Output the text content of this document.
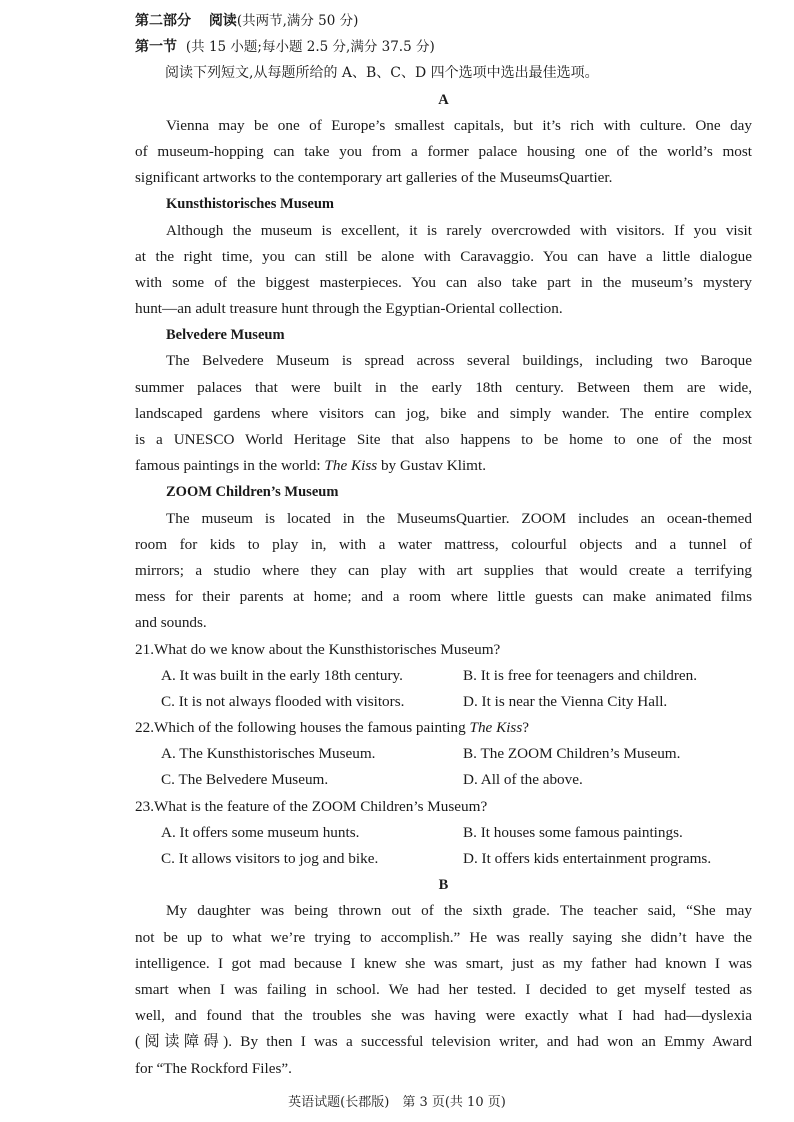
第二部分 阅读(共两节,满分 50 分)
第一节 (共 15 小题;每小题 2.5 分,满分 37.5 分)
阅读下列短文,从每题所给的 A、B、C、D 四个选项中选出最佳选项。
A
Vienna may be one of Europe’s smallest capitals, but it’s rich with culture. One day
of museum-hopping can take you from a former palace housing one of the world’s most
significant artworks to the contemporary art galleries of the MuseumsQuartier.
Kunsthistorisches Museum
Although the museum is excellent, it is rarely overcrowded with visitors. If you visit
at the right time, you can still be alone with Caravaggio. You can have a little dialogue
with some of the biggest masterpieces. You can also take part in the museum’s mystery
hunt—an adult treasure hunt through the Egyptian-Oriental collection.
Belvedere Museum
The Belvedere Museum is spread across several buildings, including two Baroque
summer palaces that were built in the early 18th century. Between them are wide,
landscaped gardens where visitors can jog, bike and simply wander. The entire complex
is a UNESCO World Heritage Site that also happens to be home to one of the most
famous paintings in the world: The Kiss by Gustav Klimt.
ZOOM Children’s Museum
The museum is located in the MuseumsQuartier. ZOOM includes an ocean-themed
room for kids to play in, with a water mattress, colourful objects and a tunnel of
mirrors; a studio where they can play with art supplies that would create a terrifying
mess for their parents at home; and a room where little guests can make animated films
and sounds.
21.What do we know about the Kunsthistorisches Museum?
A. It was built in the early 18th century.	B. It is free for teenagers and children.
C. It is not always flooded with visitors.	D. It is near the Vienna City Hall.
22.Which of the following houses the famous painting The Kiss?
A. The Kunsthistorisches Museum.	B. The ZOOM Children’s Museum.
C. The Belvedere Museum.	D. All of the above.
23.What is the feature of the ZOOM Children’s Museum?
A. It offers some museum hunts.	B. It houses some famous paintings.
C. It allows visitors to jog and bike.	D. It offers kids entertainment programs.
B
My daughter was being thrown out of the sixth grade. The teacher said, “She may
not be up to what we’re trying to accomplish.” He was really saying she didn’t have the
intelligence. I got mad because I knew she was smart, just as my father had known I was
smart when I was failing in school. We had her tested. I decided to get myself tested as
well, and found that the troubles she was having were exactly what I had had—dyslexia
(阅读障碍). By then I was a successful television writer, and had won an Emmy Award
for “The Rockford Files”.
英语试题(长郡版)　第 3 页(共 10 页)
